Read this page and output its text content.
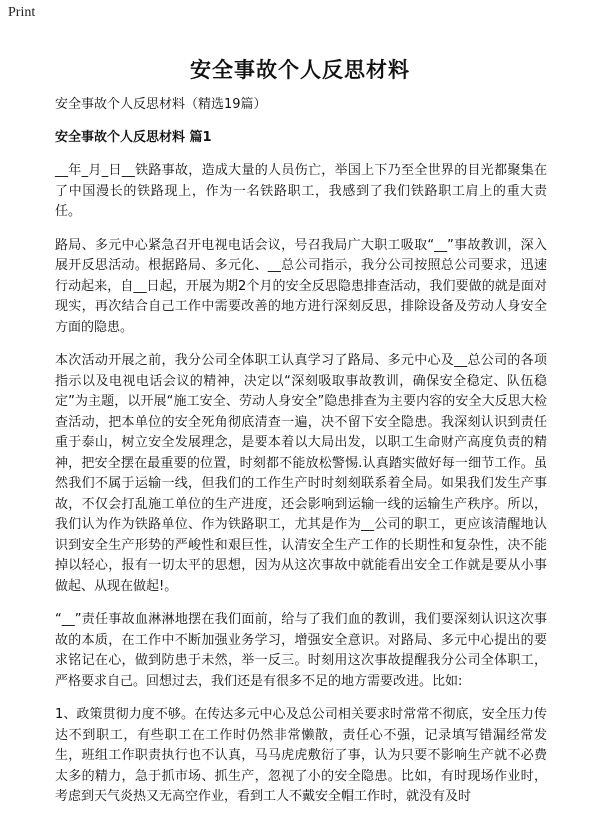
Print
安全事故个人反思材料

安全事故个人反思材料（精选19篇）

安全事故个人反思材料 篇1

__年_月_日__铁路事故，造成大量的人员伤亡，举国上下乃至全世界的目光都聚集在了中国漫长的铁路现上，作为一名铁路职工，我感到了我们铁路职工肩上的重大责任。

路局、多元中心紧急召开电视电话会议，号召我局广大职工吸取“__”事故教训，深入展开反思活动。根据路局、多元化、__总公司指示，我分公司按照总公司要求，迅速行动起来，自__日起，开展为期2个月的安全反思隐患排查活动，我们要做的就是面对现实，再次结合自己工作中需要改善的地方进行深刻反思，排除设备及劳动人身安全方面的隐患。

本次活动开展之前，我分公司全体职工认真学习了路局、多元中心及__总公司的各项指示以及电视电话会议的精神，决定以“深刻吸取事故教训，确保安全稳定、队伍稳定”为主题，以开展“施工安全、劳动人身安全”隐患排查为主要内容的安全大反思大检查活动，把本单位的安全死角彻底清查一遍，决不留下安全隐患。我深刻认识到责任重于泰山，树立安全发展理念，是要本着以大局出发，以职工生命财产高度负责的精神，把安全摆在最重要的位置，时刻都不能放松警惕.认真踏实做好每一细节工作。虽然我们不属于运输一线，但我们的工作生产时时刻刻联系着全局。如果我们发生产事故，不仅会打乱施工单位的生产进度，还会影响到运输一线的运输生产秩序。所以，我们认为作为铁路单位、作为铁路职工，尤其是作为__公司的职工，更应该清醒地认识到安全生产形势的严峻性和艰巨性，认清安全生产工作的长期性和复杂性，决不能掉以轻心，报有一切太平的思想，因为从这次事故中就能看出安全工作就是要从小事做起、从现在做起!。

“__”责任事故血淋淋地摆在我们面前，给与了我们血的教训，我们要深刻认识这次事故的本质，在工作中不断加强业务学习，增强安全意识。对路局、多元中心提出的要求铭记在心，做到防患于未然，举一反三。时刻用这次事故提醒我分公司全体职工，严格要求自己。回想过去，我们还是有很多不足的地方需要改进。比如:

1、政策贯彻力度不够。在传达多元中心及总公司相关要求时常常不彻底，安全压力传达不到职工，有些职工在工作时仍然非常懒散，责任心不强，记录填写错漏经常发生，班组工作职责执行也不认真，马马虎虎敷衍了事，认为只要不影响生产就不必费太多的精力，急于抓市场、抓生产，忽视了小的安全隐患。比如，有时现场作业时，考虑到天气炎热又无高空作业，看到工人不戴安全帽工作时，就没有及时
